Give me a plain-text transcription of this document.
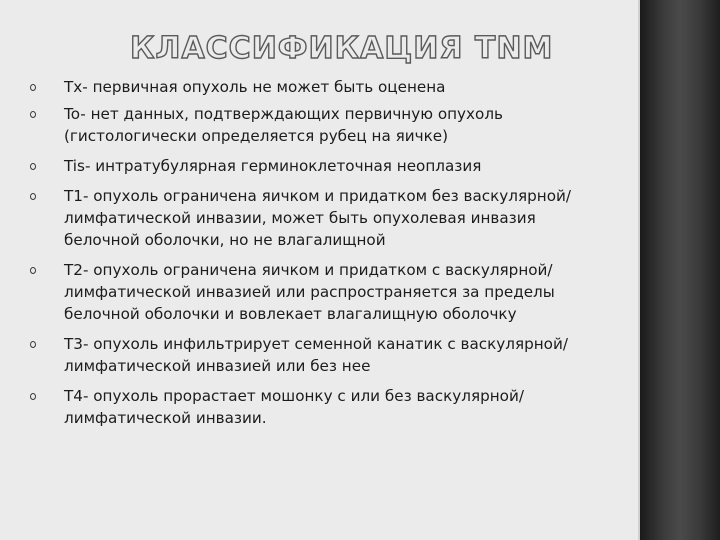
КЛАССИФИКАЦИЯ TNM
Tx- первичная опухоль не может быть оценена
To- нет данных, подтверждающих первичную опухоль (гистологически определяется рубец на яичке)
Tis- интратубулярная герминоклеточная неоплазия
T1- опухоль ограничена яичком и придатком без васкулярной/лимфатической инвазии, может быть опухолевая инвазия белочной оболочки, но не влагалищной
T2- опухоль ограничена яичком и придатком с васкулярной/лимфатической инвазией или распространяется за пределы белочной оболочки и вовлекает влагалищную оболочку
T3- опухоль инфильтрирует семенной канатик с васкулярной/лимфатической инвазией или без нее
T4- опухоль прорастает мошонку с или без васкулярной/лимфатической инвазии.
